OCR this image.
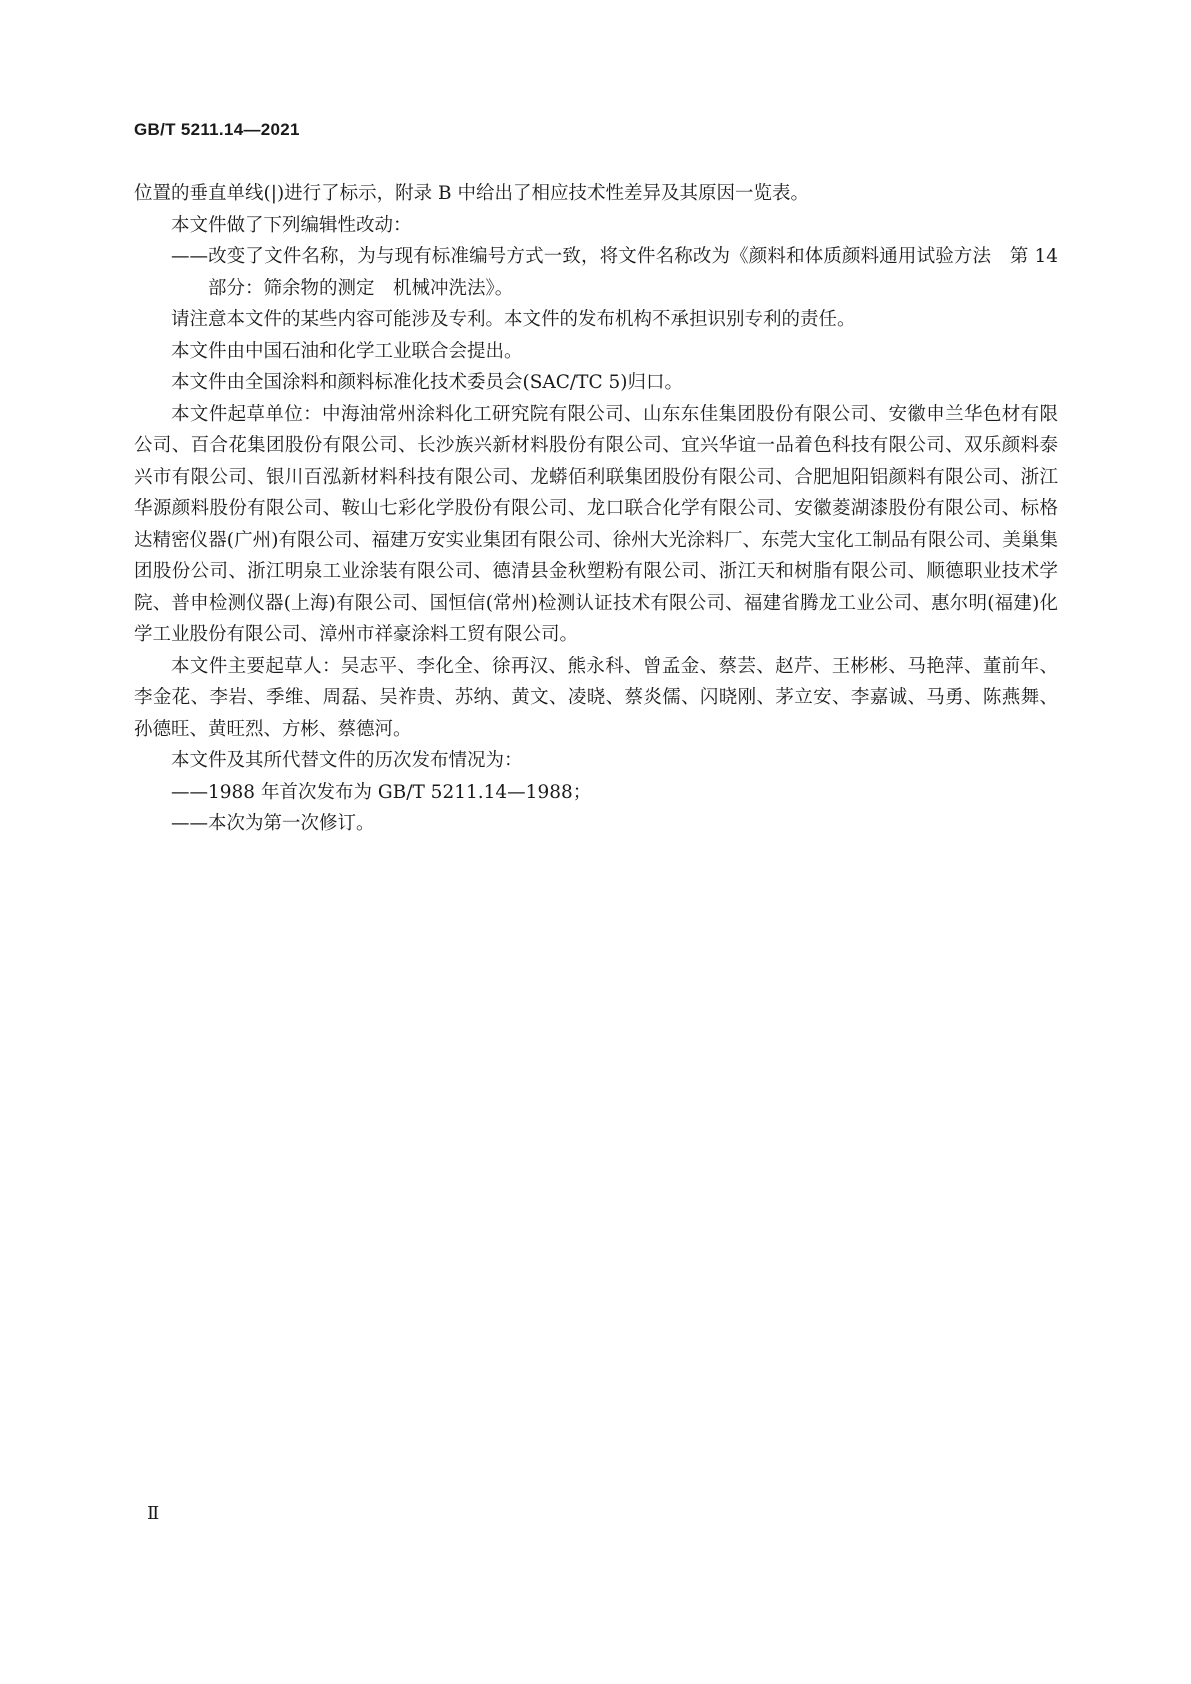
GB/T 5211.14—2021

位置的垂直单线(|)进行了标示，附录 B 中给出了相应技术性差异及其原因一览表。

本文件做了下列编辑性改动：

——改变了文件名称，为与现有标准编号方式一致，将文件名称改为《颜料和体质颜料通用试验方法　第 14 部分：筛余物的测定　机械冲洗法》。

请注意本文件的某些内容可能涉及专利。本文件的发布机构不承担识别专利的责任。

本文件由中国石油和化学工业联合会提出。

本文件由全国涂料和颜料标准化技术委员会(SAC/TC 5)归口。

本文件起草单位：中海油常州涂料化工研究院有限公司、山东东佳集团股份有限公司、安徽申兰华色材有限公司、百合花集团股份有限公司、长沙族兴新材料股份有限公司、宜兴华谊一品着色科技有限公司、双乐颜料泰兴市有限公司、银川百泓新材料科技有限公司、龙蟒佰利联集团股份有限公司、合肥旭阳铝颜料有限公司、浙江华源颜料股份有限公司、鞍山七彩化学股份有限公司、龙口联合化学有限公司、安徽菱湖漆股份有限公司、标格达精密仪器(广州)有限公司、福建万安实业集团有限公司、徐州大光涂料厂、东莞大宝化工制品有限公司、美巢集团股份公司、浙江明泉工业涂装有限公司、德清县金秋塑粉有限公司、浙江天和树脂有限公司、顺德职业技术学院、普申检测仪器(上海)有限公司、国恒信(常州)检测认证技术有限公司、福建省腾龙工业公司、惠尔明(福建)化学工业股份有限公司、漳州市祥豪涂料工贸有限公司。

本文件主要起草人：吴志平、李化全、徐再汉、熊永科、曾孟金、蔡芸、赵芹、王彬彬、马艳萍、董前年、李金花、李岩、季维、周磊、吴祚贵、苏纳、黄文、凌晓、蔡炎儒、闪晓刚、茅立安、李嘉诚、马勇、陈燕舞、孙德旺、黄旺烈、方彬、蔡德河。

本文件及其所代替文件的历次发布情况为：

——1988 年首次发布为 GB/T 5211.14—1988；

——本次为第一次修订。

Ⅱ
